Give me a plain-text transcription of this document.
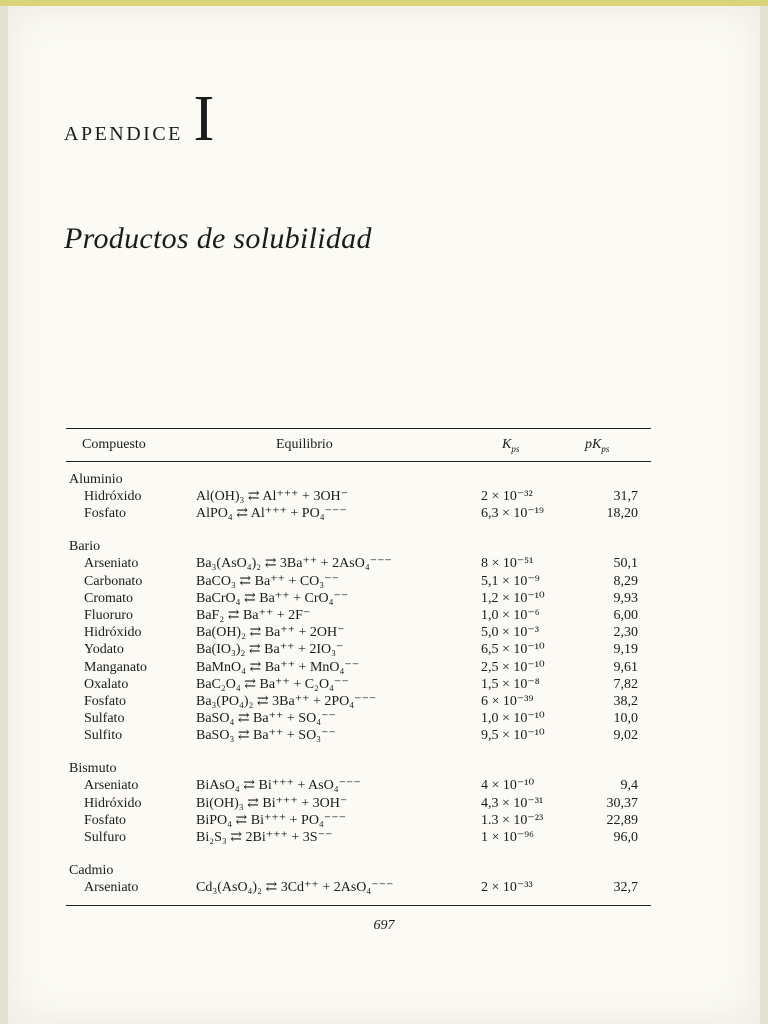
APENDICE I
Productos de solubilidad
Compuesto	Equilibrio	$K_{ps}$	$pK_{ps}$
Aluminio
Hidróxido	Al(OH)₃ ⇄ Al⁺⁺⁺ + 3OH⁻	2 × 10⁻³²	31,7
Fosfato	AlPO₄ ⇄ Al⁺⁺⁺ + PO₄⁻⁻⁻	6,3 × 10⁻¹⁹	18,20
Bario
Arseniato	Ba₃(AsO₄)₂ ⇄ 3Ba⁺⁺ + 2AsO₄⁻⁻⁻	8 × 10⁻⁵¹	50,1
Carbonato	BaCO₃ ⇄ Ba⁺⁺ + CO₃⁻⁻	5,1 × 10⁻⁹	8,29
Cromato	BaCrO₄ ⇄ Ba⁺⁺ + CrO₄⁻⁻	1,2 × 10⁻¹⁰	9,93
Fluoruro	BaF₂ ⇄ Ba⁺⁺ + 2F⁻	1,0 × 10⁻⁶	6,00
Hidróxido	Ba(OH)₂ ⇄ Ba⁺⁺ + 2OH⁻	5,0 × 10⁻³	2,30
Yodato	Ba(IO₃)₂ ⇄ Ba⁺⁺ + 2IO₃⁻	6,5 × 10⁻¹⁰	9,19
Manganato	BaMnO₄ ⇄ Ba⁺⁺ + MnO₄⁻⁻	2,5 × 10⁻¹⁰	9,61
Oxalato	BaC₂O₄ ⇄ Ba⁺⁺ + C₂O₄⁻⁻	1,5 × 10⁻⁸	7,82
Fosfato	Ba₃(PO₄)₂ ⇄ 3Ba⁺⁺ + 2PO₄⁻⁻⁻	6 × 10⁻³⁹	38,2
Sulfato	BaSO₄ ⇄ Ba⁺⁺ + SO₄⁻⁻	1,0 × 10⁻¹⁰	10,0
Sulfito	BaSO₃ ⇄ Ba⁺⁺ + SO₃⁻⁻	9,5 × 10⁻¹⁰	9,02
Bismuto
Arseniato	BiAsO₄ ⇄ Bi⁺⁺⁺ + AsO₄⁻⁻⁻	4 × 10⁻¹⁰	9,4
Hidróxido	Bi(OH)₃ ⇄ Bi⁺⁺⁺ + 3OH⁻	4,3 × 10⁻³¹	30,37
Fosfato	BiPO₄ ⇄ Bi⁺⁺⁺ + PO₄⁻⁻⁻	1.3 × 10⁻²³	22,89
Sulfuro	Bi₂S₃ ⇄ 2Bi⁺⁺⁺ + 3S⁻⁻	1 × 10⁻⁹⁶	96,0
Cadmio
Arseniato	Cd₃(AsO₄)₂ ⇄ 3Cd⁺⁺ + 2AsO₄⁻⁻⁻	2 × 10⁻³³	32,7
697
